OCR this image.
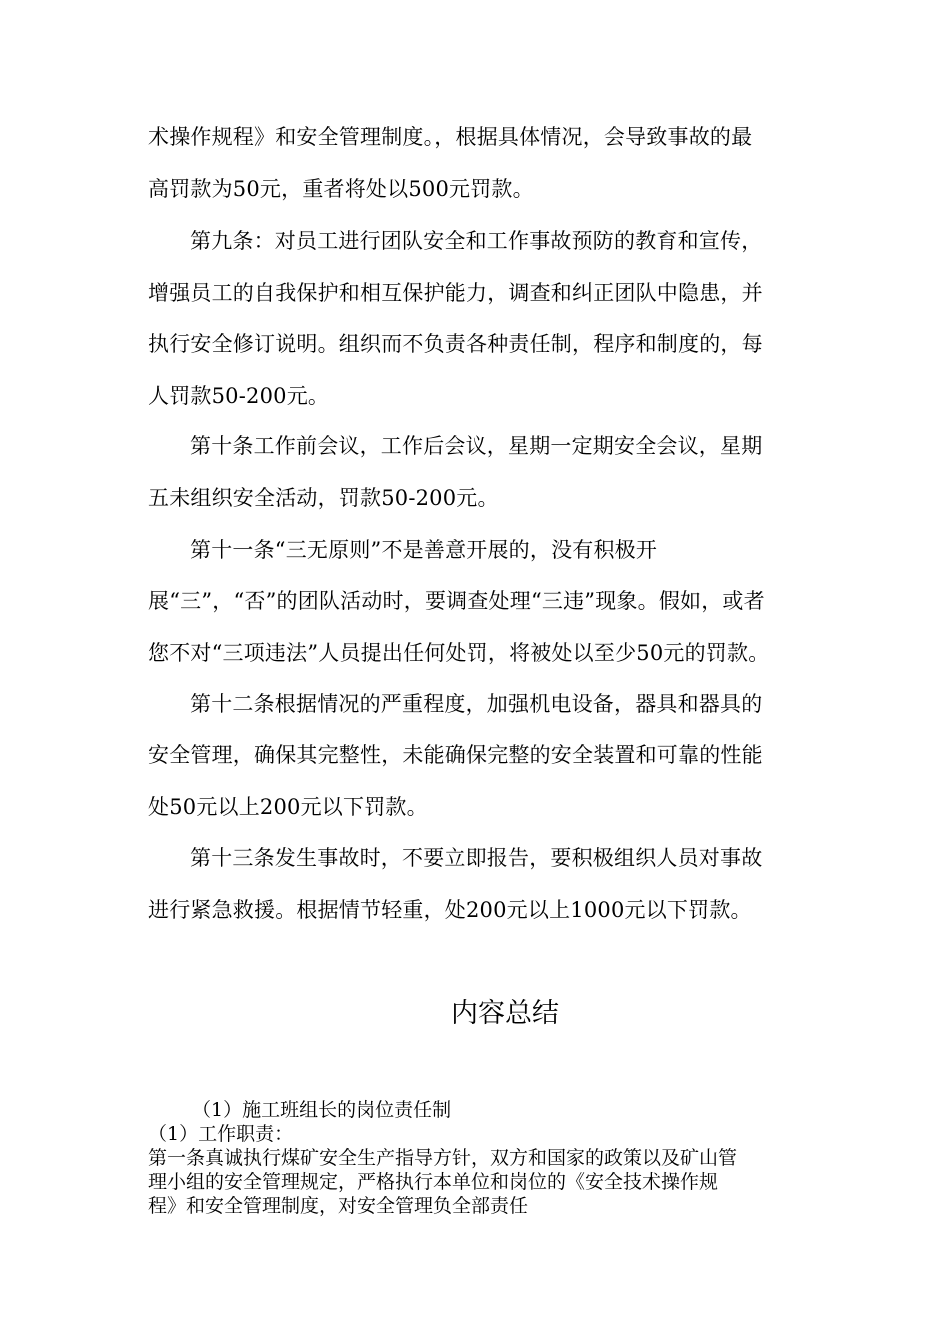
术操作规程》和安全管理制度。，根据具体情况，会导致事故的最
高罚款为50元，重者将处以500元罚款。
第九条：对员工进行团队安全和工作事故预防的教育和宣传，
增强员工的自我保护和相互保护能力，调查和纠正团队中隐患，并
执行安全修订说明。组织而不负责各种责任制，程序和制度的，每
人罚款50-200元。
第十条工作前会议，工作后会议，星期一定期安全会议，星期
五未组织安全活动，罚款50-200元。
第十一条“三无原则”不是善意开展的，没有积极开
展“三”，“否”的团队活动时，要调查处理“三违”现象。假如，或者
您不对“三项违法”人员提出任何处罚，将被处以至少50元的罚款。
第十二条根据情况的严重程度，加强机电设备，器具和器具的
安全管理，确保其完整性，未能确保完整的安全装置和可靠的性能
处50元以上200元以下罚款。
第十三条发生事故时，不要立即报告，要积极组织人员对事故
进行紧急救援。根据情节轻重，处200元以上1000元以下罚款。
内容总结
（1）施工班组长的岗位责任制
（1）工作职责：
第一条真诚执行煤矿安全生产指导方针，双方和国家的政策以及矿山管
理小组的安全管理规定，严格执行本单位和岗位的《安全技术操作规
程》和安全管理制度，对安全管理负全部责任
